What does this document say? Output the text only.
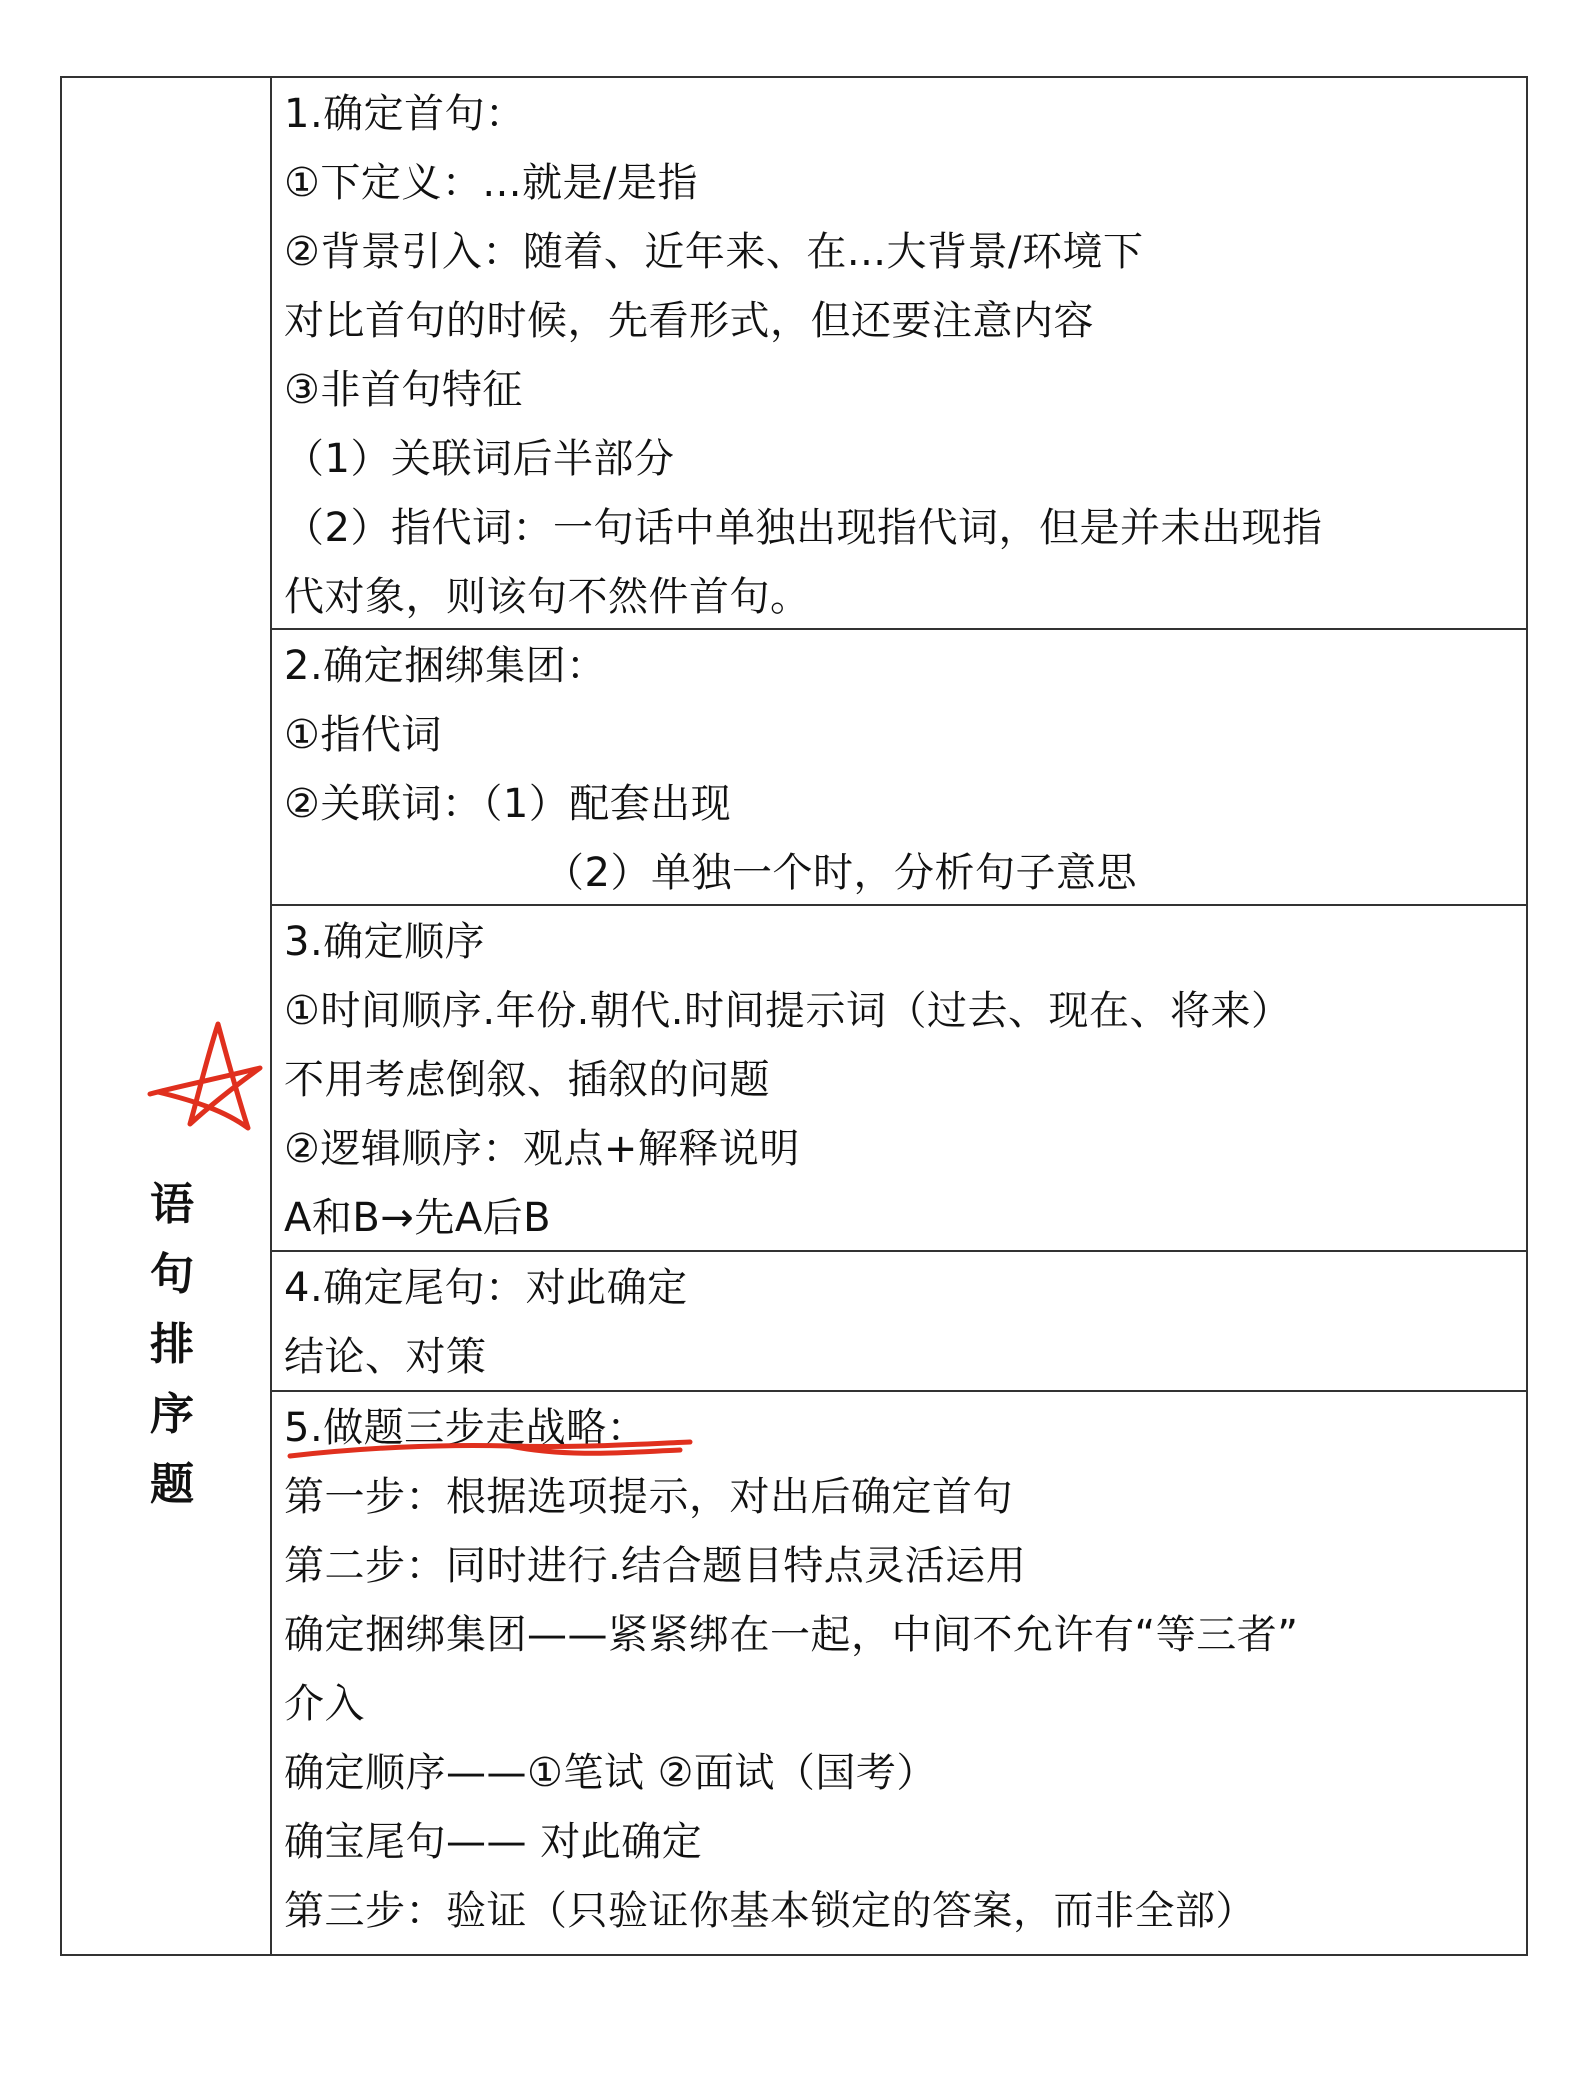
语
句
排
序
题
1.确定首句：
①下定义：...就是/是指
②背景引入：随着、近年来、在...大背景/环境下
对比首句的时候，先看形式，但还要注意内容
③非首句特征
（1）关联词后半部分
（2）指代词：一句话中单独出现指代词，但是并未出现指
代对象，则该句不然件首句。
2.确定捆绑集团：
①指代词
②关联词：（1）配套出现
（2）单独一个时，分析句子意思
3.确定顺序
①时间顺序.年份.朝代.时间提示词（过去、现在、将来）
不用考虑倒叙、插叙的问题
②逻辑顺序：观点+解释说明
A和B→先A后B
4.确定尾句：对此确定
结论、对策
5.做题三步走战略：
第一步：根据选项提示，对出后确定首句
第二步：同时进行.结合题目特点灵活运用
确定捆绑集团——紧紧绑在一起，中间不允许有“等三者”
介入
确定顺序——①笔试 ②面试（国考）
确宝尾句—— 对此确定
第三步：验证（只验证你基本锁定的答案，而非全部）
